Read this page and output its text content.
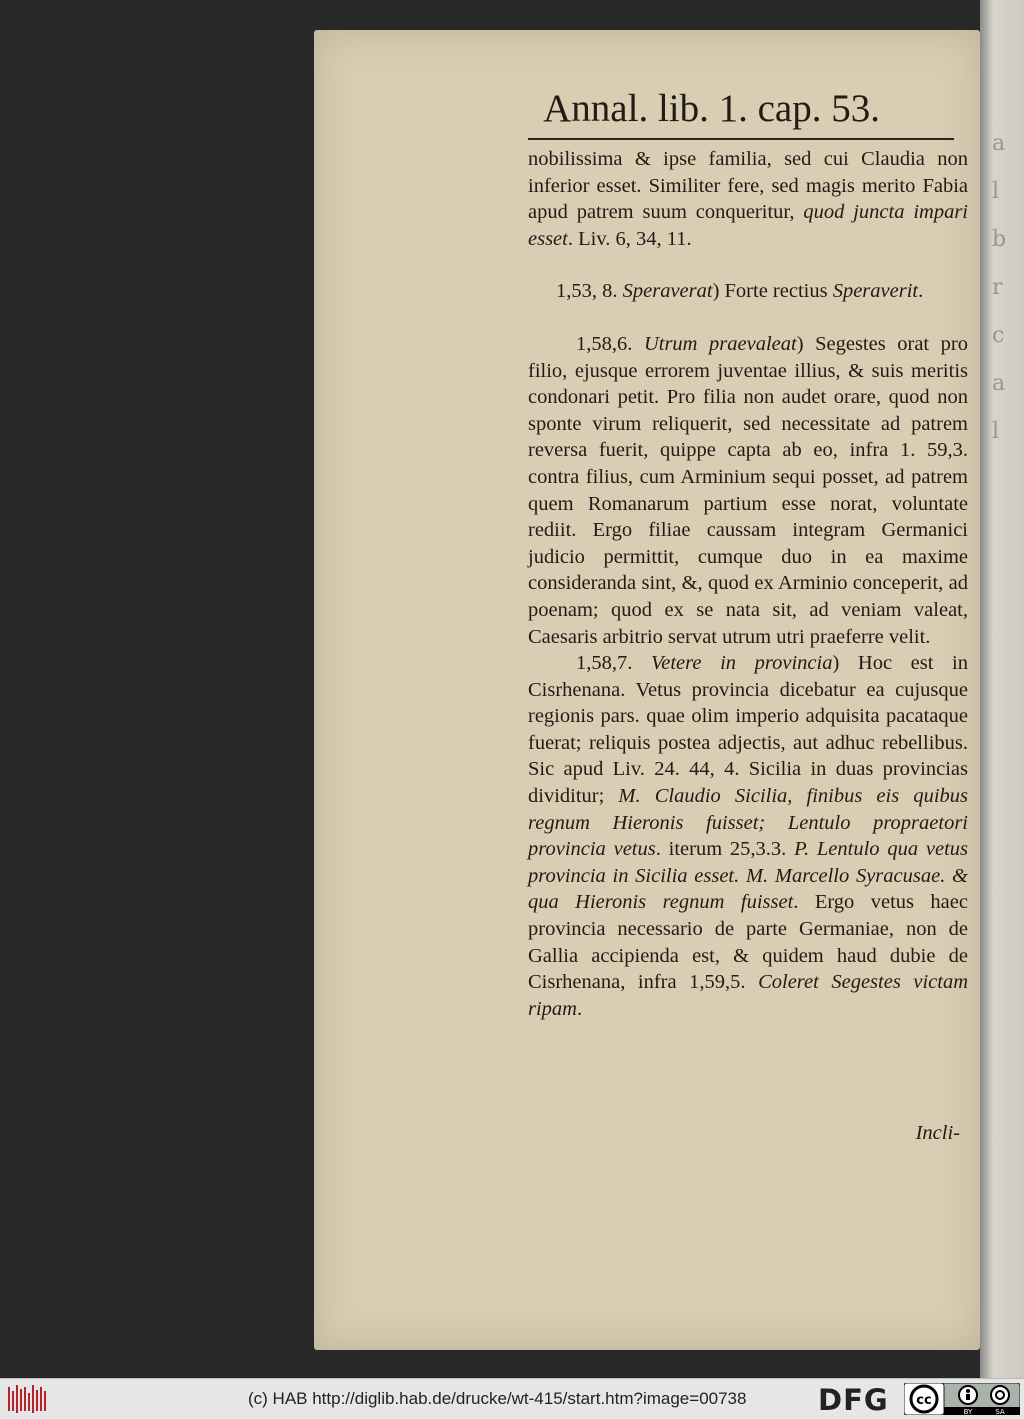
a
l
b
r
c
a
l
Annal. lib. 1. cap. 53.

nobilissima & ipse familia, sed cui Claudia non inferior esset. Similiter fere, sed magis merito Fabia apud patrem suum conqueritur, quod juncta impari esset. Liv. 6, 34, 11.

1,53, 8. Speraverat) Forte rectius Speraverit.

1,58,6. Utrum praevaleat) Segestes orat pro filio, ejusque errorem juventae illius, & suis meritis condonari petit. Pro filia non audet orare, quod non sponte virum reliquerit, sed necessitate ad patrem reversa fuerit, quippe capta ab eo, infra 1. 59,3. contra filius, cum Arminium sequi posset, ad patrem quem Romanarum partium esse norat, voluntate rediit. Ergo filiae caussam integram Germanici judicio permittit, cumque duo in ea maxime consideranda sint, &, quod ex Arminio conceperit, ad poenam; quod ex se nata sit, ad veniam valeat, Caesaris arbitrio servat utrum utri praeferre velit.

1,58,7. Vetere in provincia) Hoc est in Cisrhenana. Vetus provincia dicebatur ea cujusque regionis pars. quae olim imperio adquisita pacataque fuerat; reliquis postea adjectis, aut adhuc rebellibus. Sic apud Liv. 24. 44, 4. Sicilia in duas provincias dividitur; M. Claudio Sicilia, finibus eis quibus regnum Hieronis fuisset; Lentulo propraetori provincia vetus. iterum 25,3.3. P. Lentulo qua vetus provincia in Sicilia esset. M. Marcello Syracusae. & qua Hieronis regnum fuisset. Ergo vetus haec provincia necessario de parte Germaniae, non de Gallia accipienda est, & quidem haud dubie de Cisrhenana, infra 1,59,5. Coleret Segestes victam ripam.

Incli-
(c) HAB http://diglib.hab.de/drucke/wt-415/start.htm?image=00738 DFG cc
BY	SA
